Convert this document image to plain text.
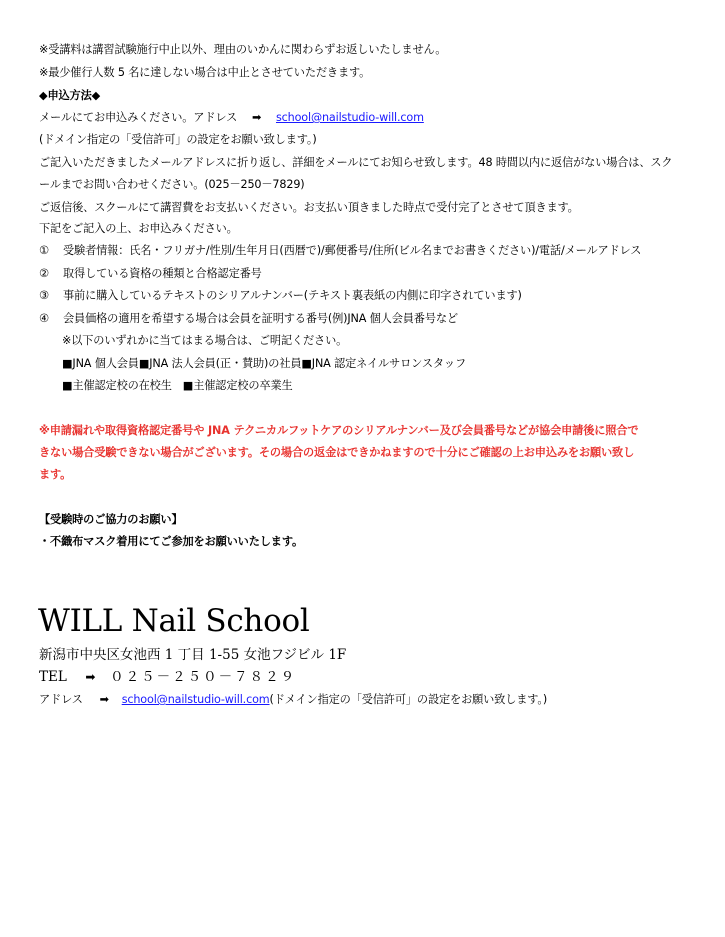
※受講料は講習試験施行中止以外、理由のいかんに関わらずお返しいたしません。
※最少催行人数 5 名に達しない場合は中止とさせていただきます。
◆申込方法◆
メールにてお申込みください。アドレス ➡ school@nailstudio-will.com
(ドメイン指定の「受信許可」の設定をお願い致します。)
ご記入いただきましたメールアドレスに折り返し、詳細をメールにてお知らせ致します。48 時間以内に返信がない場合は、スク
ールまでお問い合わせください。(025－250－7829)
ご返信後、スクールにて講習費をお支払いください。お支払い頂きました時点で受付完了とさせて頂きます。
下記をご記入の上、お申込みください。
① 受験者情報：氏名・フリガナ/性別/生年月日(西暦で)/郵便番号/住所(ビル名までお書きください)/電話/メールアドレス
② 取得している資格の種類と合格認定番号
③ 事前に購入しているテキストのシリアルナンバー(テキスト裏表紙の内側に印字されています)
④ 会員価格の適用を希望する場合は会員を証明する番号(例)JNA 個人会員番号など
※以下のいずれかに当てはまる場合は、ご明記ください。
■JNA 個人会員■JNA 法人会員(正・賛助)の社員■JNA 認定ネイルサロンスタッフ
■主催認定校の在校生　■主催認定校の卒業生
※申請漏れや取得資格認定番号や JNA テクニカルフットケアのシリアルナンバー及び会員番号などが協会申請後に照合で
きない場合受験できない場合がございます。その場合の返金はできかねますので十分にご確認の上お申込みをお願い致し
ます。
【受験時のご協力のお願い】
・不織布マスク着用にてご参加をお願いいたします。
WILL Nail School
新潟市中央区女池西 1 丁目 1-55 女池フジビル 1F
TEL ➡ ０２５－２５０－７８２９
アドレス ➡ school@nailstudio-will.com(ドメイン指定の「受信許可」の設定をお願い致します。)
